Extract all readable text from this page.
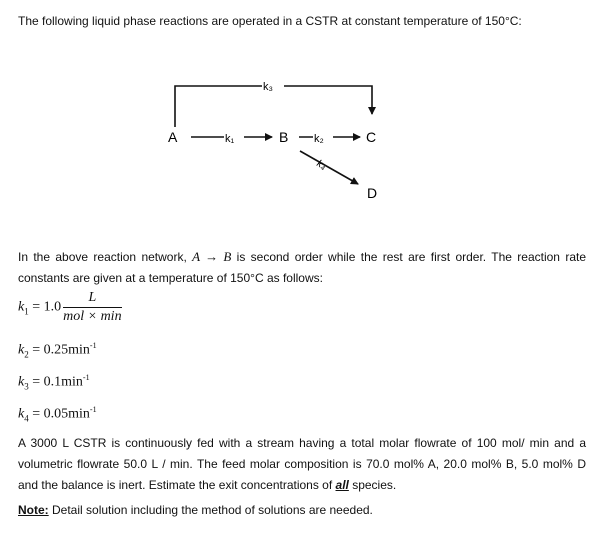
The following liquid phase reactions are operated in a CSTR at constant temperature of 150°C:

k₃
k₁	k₂
k₄
A	B	C
D

In the above reaction network, A → B is second order while the rest are first order. The reaction rate constants are given at a temperature of 150°C as follows:

$k_1 = 1.0 \frac{L}{\text{mol × min}}$
$k_2 = 0.25\min^{-1}$
$k_3 = 0.1\min^{-1}$
$k_4 = 0.05\min^{-1}$

A 3000 L CSTR is continuously fed with a stream having a total molar flowrate of 100 mol/ min and a volumetric flowrate 50.0 L / min. The feed molar composition is 70.0 mol% A, 20.0 mol% B, 5.0 mol% D and the balance is inert. Estimate the exit concentrations of all species.

Note: Detail solution including the method of solutions are needed.
